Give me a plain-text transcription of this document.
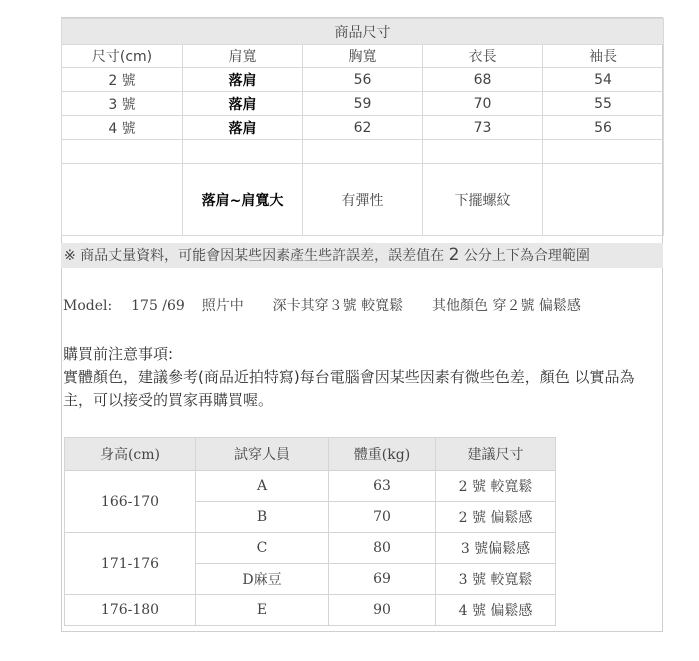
商品尺寸				
尺寸(cm)	肩寬	胸寬	衣長	袖長
2 號	落肩	56	68	54
3 號	落肩	59	70	55
4 號	落肩	62	73	56

	落肩~肩寬大	有彈性	下擺螺紋	
※ 商品丈量資料，可能會因某些因素產生些許誤差，誤差值在 2 公分上下為合理範圍
Model: 175 /69 照片中 深卡其穿３號 較寬鬆 其他顏色 穿２號 偏鬆感
購買前注意事項:
實體顏色，建議參考(商品近拍特寫)每台電腦會因某些因素有微些色差，顏色 以實品為主，可以接受的買家再購買喔。
身高(cm)	試穿人員	體重(kg)	建議尺寸
166-170	A	63	2 號 較寬鬆
	B	70	2 號 偏鬆感
171-176	C	80	3 號偏鬆感
	D麻豆	69	3 號 較寬鬆
176-180	E	90	4 號 偏鬆感
